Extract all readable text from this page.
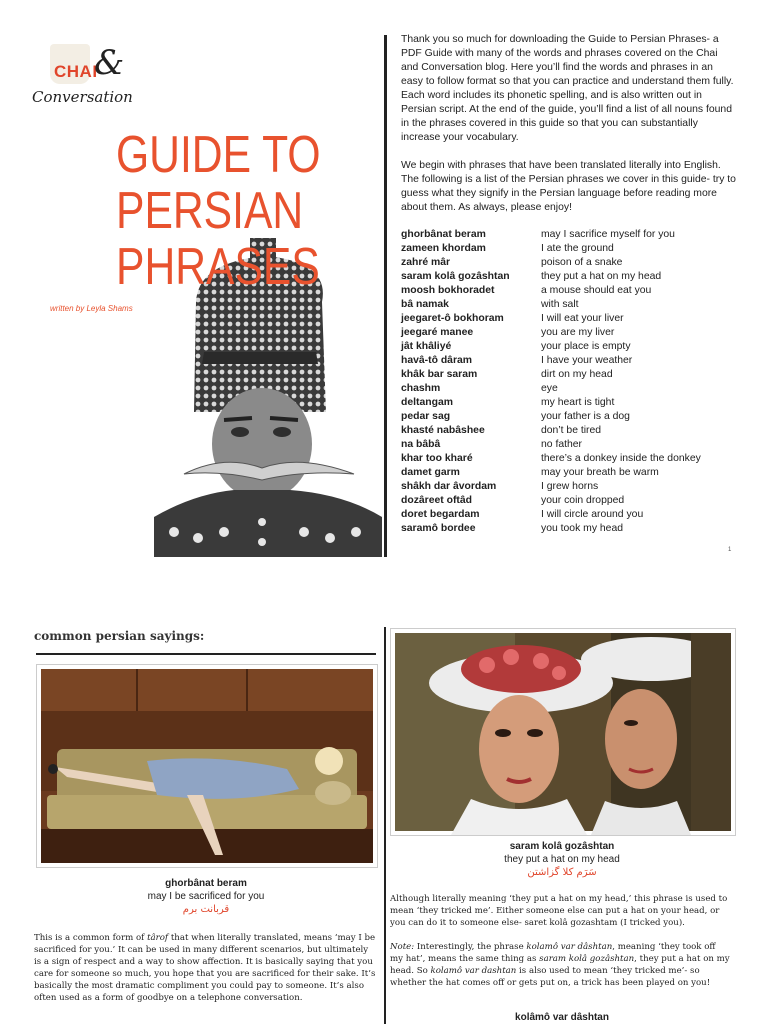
CHAI
&
Conversation
GUIDE TO
PERSIAN
PHRASES
written by Leyla Shams

Thank you so much for downloading the Guide to Persian Phrases- a PDF Guide with many of the words and phrases covered on the Chai and Conversation blog. Here you’ll find the words and phrases in an easy to follow format so that you can practice and understand them fully. Each word includes its phonetic spelling, and is also written out in Persian script. At the end of the guide, you’ll find a list of all nouns found in the phrases covered in this guide so that you can substantially increase your vocabulary.

We begin with phrases that have been translated literally into English. The following is a list of the Persian phrases we cover in this guide- try to guess what they signify in the Persian language before reading more about them. As always, please enjoy!

ghorbânat beram	may I sacrifice myself for you
zameen khordam	I ate the ground
zahré mâr	poison of a snake
saram kolâ gozâshtan	they put a hat on my head
moosh bokhoradet	a mouse should eat you
bâ namak	with salt
jeegaret-ô bokhoram	I will eat your liver
jeegaré manee	you are my liver
jât khâliyé	your place is empty
havâ-tô dâram	I have your weather
khâk bar saram	dirt on my head
chashm	eye
deltangam	my heart is tight
pedar sag	your father is a dog
khasté nabâshee	don’t be tired
na bâbâ	no father
khar too kharé	there’s a donkey inside the donkey
damet garm	may your breath be warm
shâkh dar âvordam	I grew horns
dozâreet oftâd	your coin dropped
doret begardam	I will circle around you
saramô bordee	you took my head
1
common persian sayings:
ghorbânat beram
may I be sacrificed for you
قربانت برم
saram kolâ gozâshtan
they put a hat on my head
سَرَم کلا گزاشتن

This is a common form of târof that when literally translated, means ‘may I be sacrificed for you.’ It can be used in many different scenarios, but ultimately is a sign of respect and a way to show affection. It is basically saying that you care for someone so much, you hope that you are sacrificed for their sake. It’s basically the most dramatic compliment you could pay to someone. It’s also often used as a form of goodbye on a telephone conversation.

Although literally meaning ‘they put a hat on my head,’ this phrase is used to mean ‘they tricked me’. Either someone else can put a hat on your head, or you can do it to someone else- saret kolâ gozashtam (I tricked you).

Note: Interestingly, the phrase kolamô var dâshtan, meaning ‘they took off my hat’, means the same thing as saram kolâ gozâshtan, they put a hat on my head. So kolamô var dashtan is also used to mean ‘they tricked me’- so whether the hat comes off or gets put on, a trick has been played on you!

kolâmô var dâshtan
